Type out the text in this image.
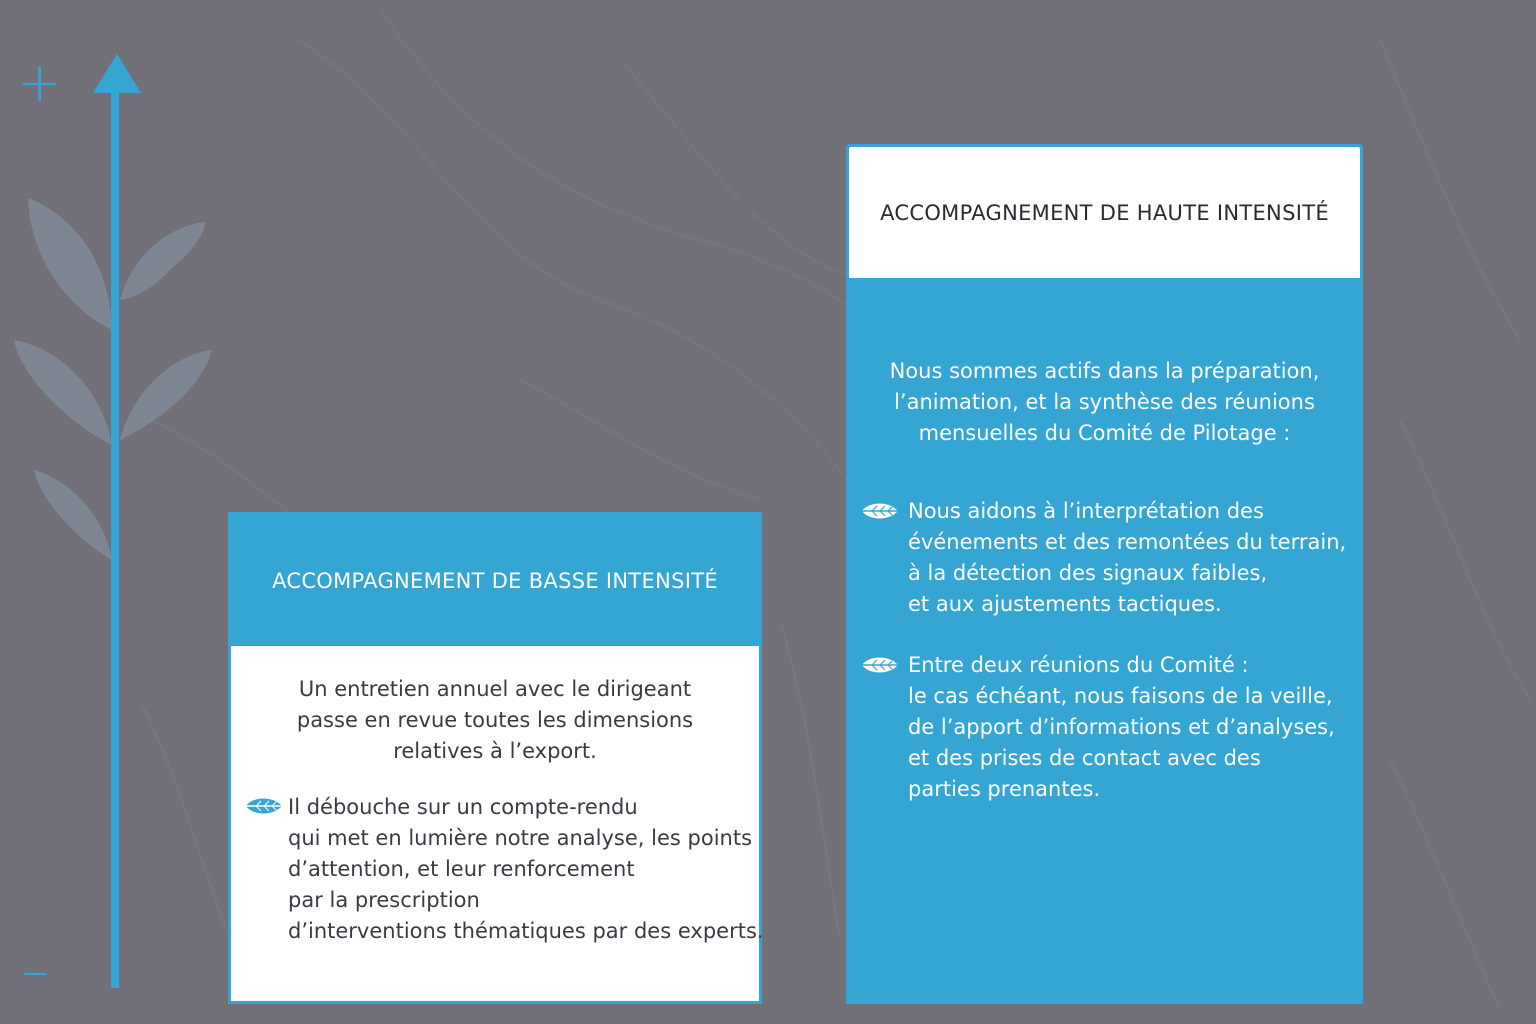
+
–
ACCOMPAGNEMENT DE BASSE INTENSITÉ
Un entretien annuel avec le dirigeant
passe en revue toutes les dimensions
relatives à l’export.
Il débouche sur un compte-rendu
qui met en lumière notre analyse, les points
d’attention, et leur renforcement
par la prescription
d’interventions thématiques par des experts.
ACCOMPAGNEMENT DE HAUTE INTENSITÉ
Nous sommes actifs dans la préparation,
l’animation, et la synthèse des réunions
mensuelles du Comité de Pilotage :
Nous aidons à l’interprétation des
événements et des remontées du terrain,
à la détection des signaux faibles,
et aux ajustements tactiques.
Entre deux réunions du Comité :
le cas échéant, nous faisons de la veille,
de l’apport d’informations et d’analyses,
et des prises de contact avec des
parties prenantes.
